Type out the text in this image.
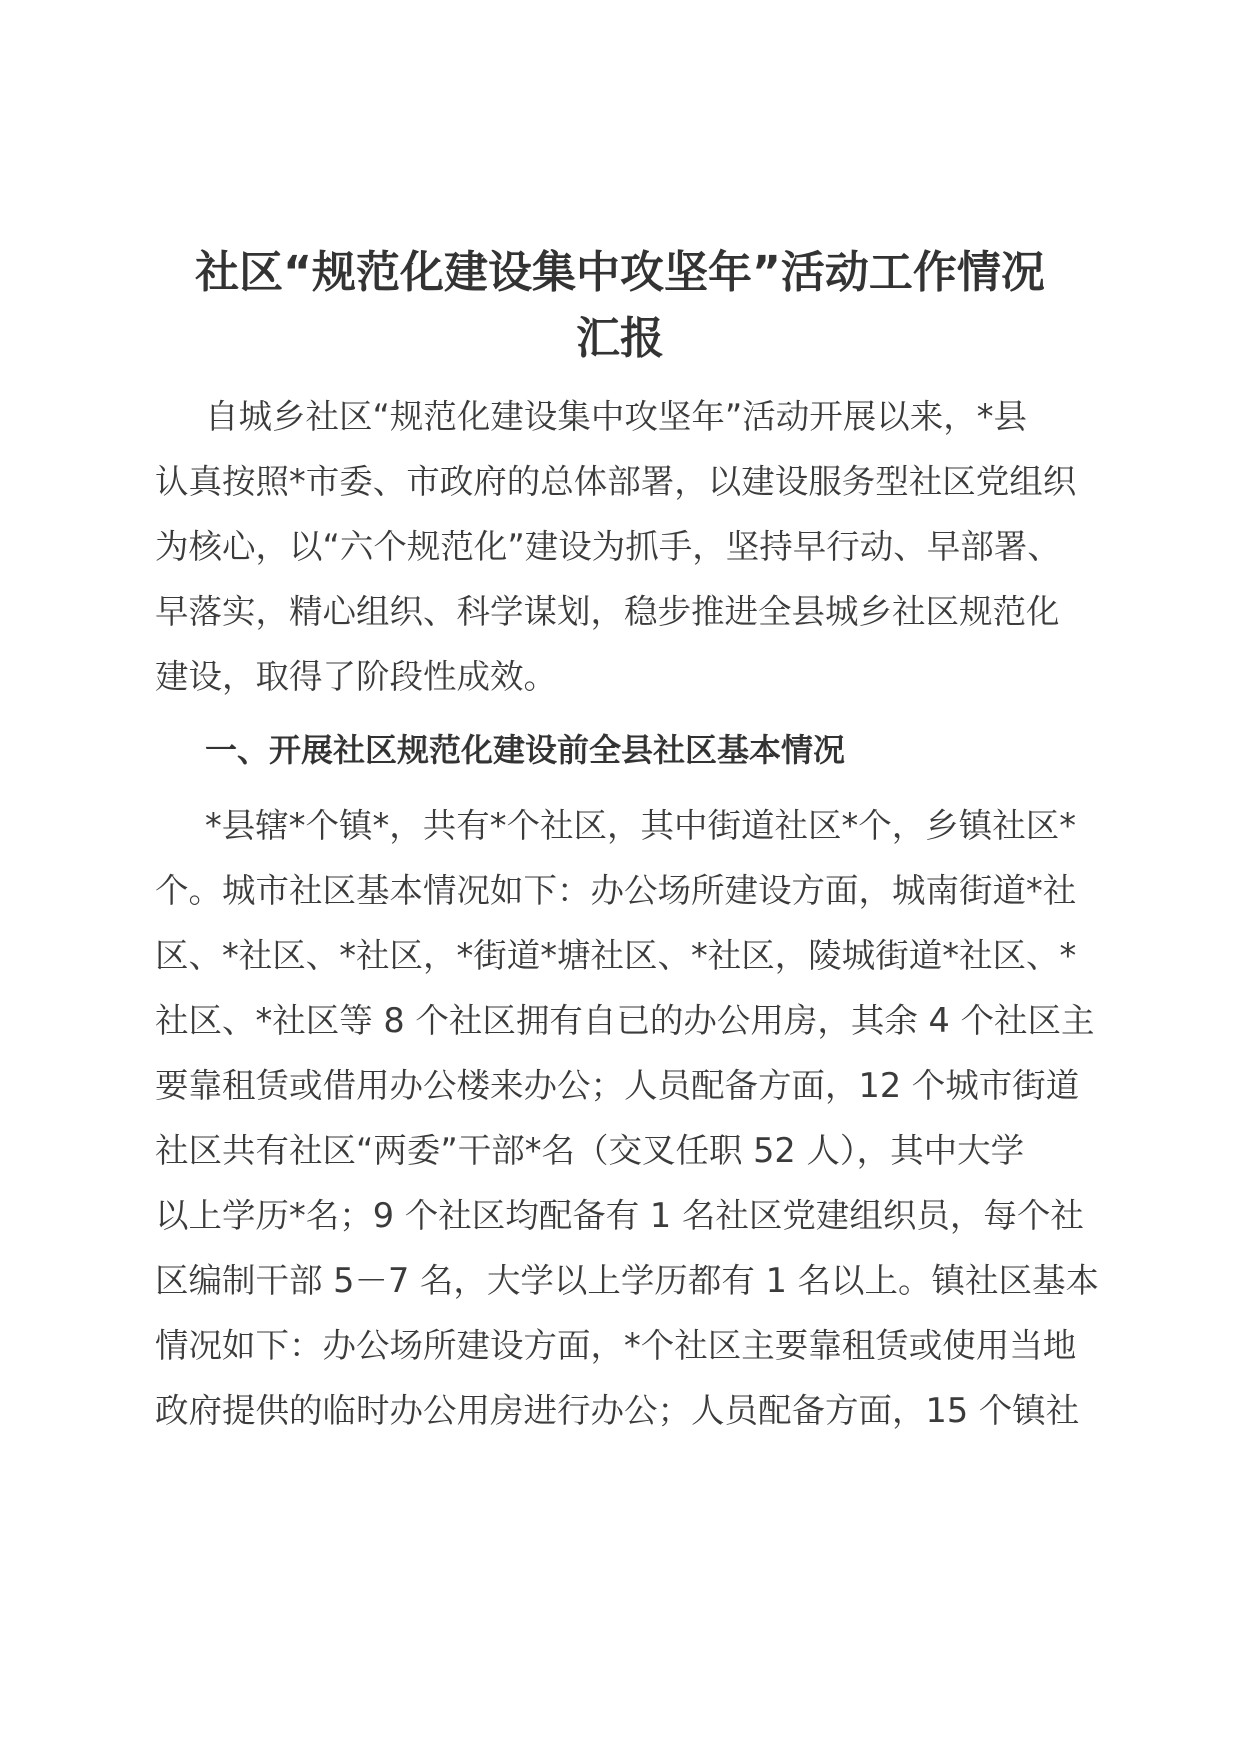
社区“规范化建设集中攻坚年”活动工作情况
汇报
自城乡社区“规范化建设集中攻坚年”活动开展以来，*县
认真按照*市委、市政府的总体部署，以建设服务型社区党组织
为核心，以“六个规范化”建设为抓手，坚持早行动、早部署、
早落实，精心组织、科学谋划，稳步推进全县城乡社区规范化
建设，取得了阶段性成效。
一、开展社区规范化建设前全县社区基本情况
*县辖*个镇*，共有*个社区，其中街道社区*个，乡镇社区*
个。城市社区基本情况如下：办公场所建设方面，城南街道*社
区、*社区、*社区，*街道*塘社区、*社区，陵城街道*社区、*
社区、*社区等 8 个社区拥有自已的办公用房，其余 4 个社区主
要靠租赁或借用办公楼来办公；人员配备方面，12 个城市街道
社区共有社区“两委”干部*名（交叉任职 52 人），其中大学
以上学历*名；9 个社区均配备有 1 名社区党建组织员，每个社
区编制干部 5－7 名，大学以上学历都有 1 名以上。镇社区基本
情况如下：办公场所建设方面，*个社区主要靠租赁或使用当地
政府提供的临时办公用房进行办公；人员配备方面，15 个镇社
